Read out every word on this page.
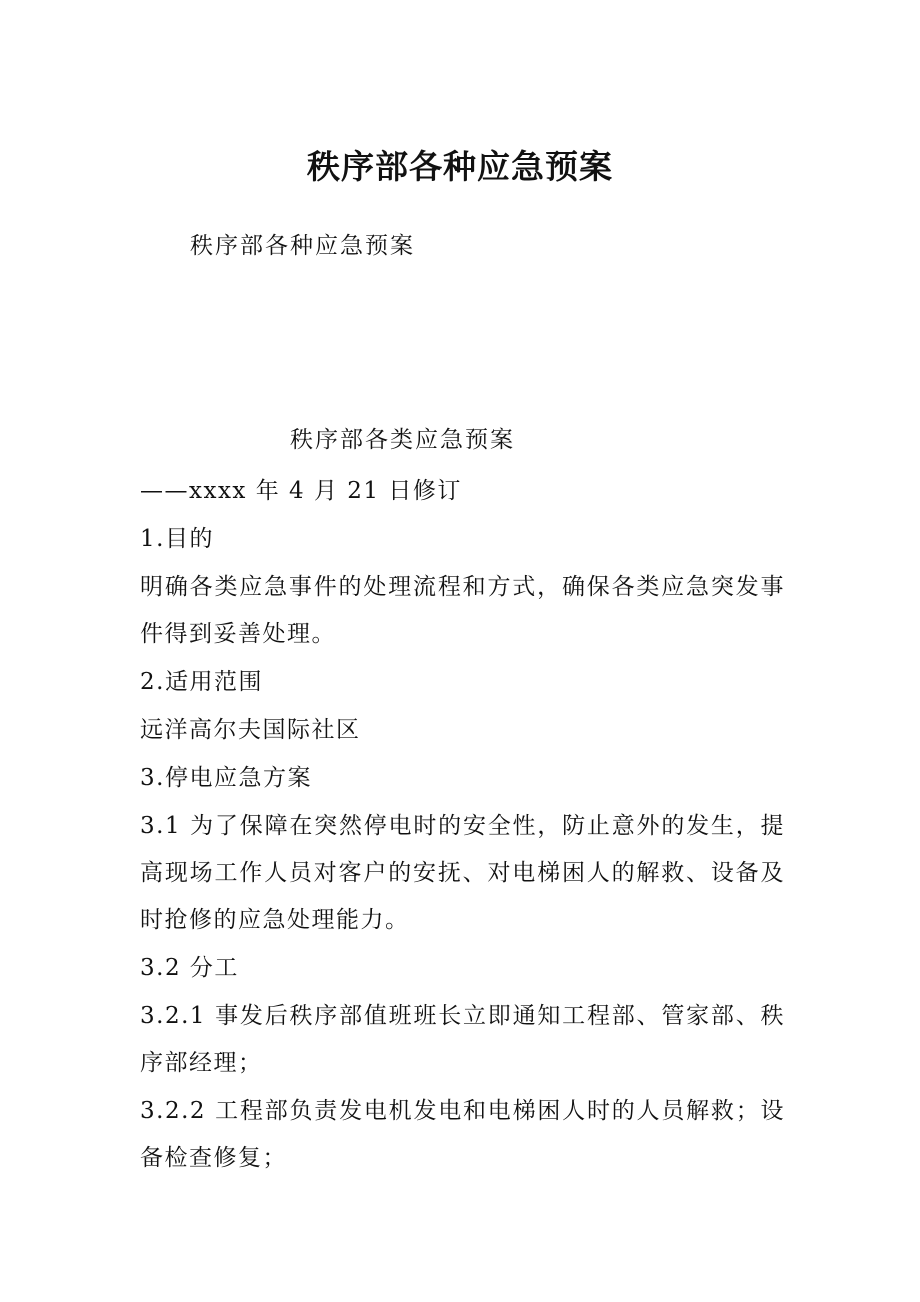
秩序部各种应急预案
秩序部各种应急预案
秩序部各类应急预案

——xxxx 年 4 月 21 日修订

1.目的

明确各类应急事件的处理流程和方式，确保各类应急突发事件得到妥善处理。

2.适用范围

远洋高尔夫国际社区

3.停电应急方案

3.1 为了保障在突然停电时的安全性，防止意外的发生，提高现场工作人员对客户的安抚、对电梯困人的解救、设备及时抢修的应急处理能力。

3.2 分工

3.2.1 事发后秩序部值班班长立即通知工程部、管家部、秩序部经理；

3.2.2 工程部负责发电机发电和电梯困人时的人员解救；设备检查修复；
